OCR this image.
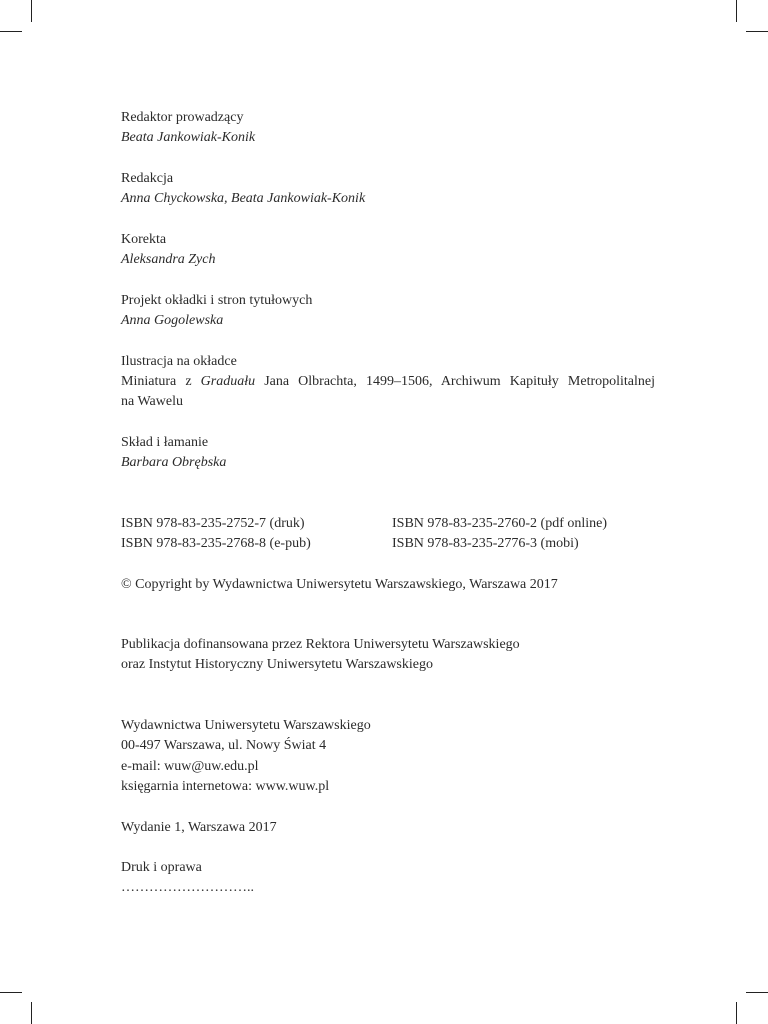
Redaktor prowadzący
Beata Jankowiak-Konik
Redakcja
Anna Chyckowska, Beata Jankowiak-Konik
Korekta
Aleksandra Zych
Projekt okładki i stron tytułowych
Anna Gogolewska
Ilustracja na okładce
Miniatura z Graduału Jana Olbrachta, 1499–1506, Archiwum Kapituły Metropolitalnej
na Wawelu
Skład i łamanie
Barbara Obrębska
ISBN 978-83-235-2752-7 (druk)	ISBN 978-83-235-2760-2 (pdf online)
ISBN 978-83-235-2768-8 (e-pub)	ISBN 978-83-235-2776-3 (mobi)
© Copyright by Wydawnictwa Uniwersytetu Warszawskiego, Warszawa 2017
Publikacja dofinansowana przez Rektora Uniwersytetu Warszawskiego
oraz Instytut Historyczny Uniwersytetu Warszawskiego
Wydawnictwa Uniwersytetu Warszawskiego
00-497 Warszawa, ul. Nowy Świat 4
e-mail: wuw@uw.edu.pl
księgarnia internetowa: www.wuw.pl
Wydanie 1, Warszawa 2017
Druk i oprawa
………………………..
